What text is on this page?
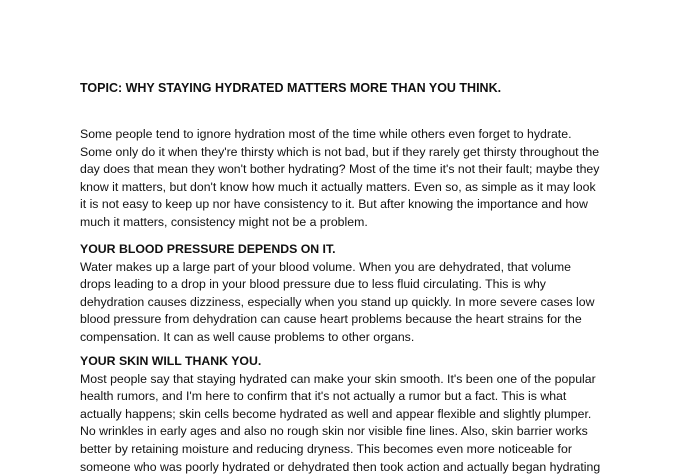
TOPIC: WHY STAYING HYDRATED MATTERS MORE THAN YOU THINK.

Some people tend to ignore hydration most of the time while others even forget to hydrate.
Some only do it when they're thirsty which is not bad, but if they rarely get thirsty throughout the
day does that mean they won't bother hydrating? Most of the time it's not their fault; maybe they
know it matters, but don't know how much it actually matters. Even so, as simple as it may look
it is not easy to keep up nor have consistency to it. But after knowing the importance and how
much it matters, consistency might not be a problem.

YOUR BLOOD PRESSURE DEPENDS ON IT.

Water makes up a large part of your blood volume. When you are dehydrated, that volume
drops leading to a drop in your blood pressure due to less fluid circulating. This is why
dehydration causes dizziness, especially when you stand up quickly. In more severe cases low
blood pressure from dehydration can cause heart problems because the heart strains for the
compensation. It can as well cause problems to other organs.

YOUR SKIN WILL THANK YOU.

Most people say that staying hydrated can make your skin smooth. It's been one of the popular
health rumors, and I'm here to confirm that it's not actually a rumor but a fact. This is what
actually happens; skin cells become hydrated as well and appear flexible and slightly plumper.
No wrinkles in early ages and also no rough skin nor visible fine lines. Also, skin barrier works
better by retaining moisture and reducing dryness. This becomes even more noticeable for
someone who was poorly hydrated or dehydrated then took action and actually began hydrating
